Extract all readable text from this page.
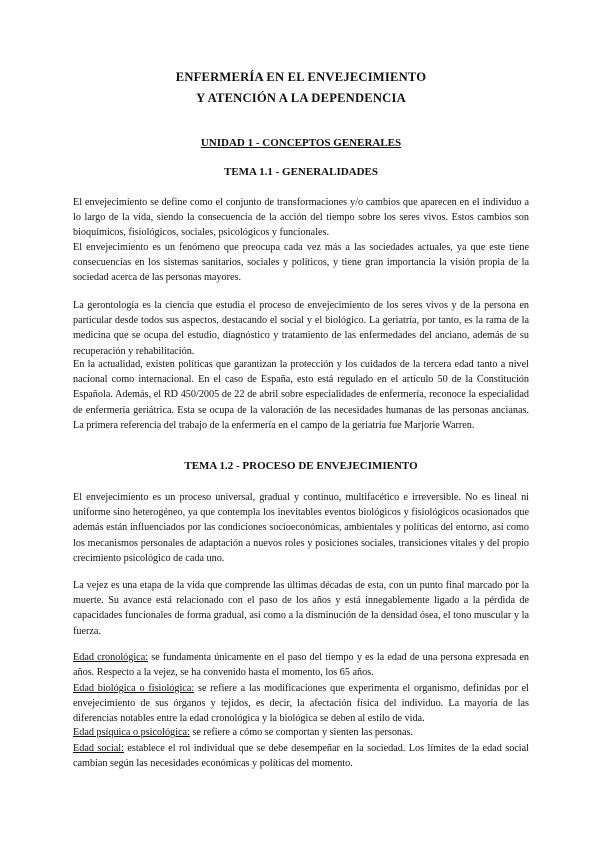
ENFERMERÍA EN EL ENVEJECIMIENTO

Y ATENCIÓN A LA DEPENDENCIA

UNIDAD 1 - CONCEPTOS GENERALES

TEMA 1.1 - GENERALIDADES

El envejecimiento se define como el conjunto de transformaciones y/o cambios que aparecen en el individuo a lo largo de la vida, siendo la consecuencia de la acción del tiempo sobre los seres vivos. Estos cambios son bioquímicos, fisiológicos, sociales, psicológicos y funcionales.

El envejecimiento es un fenómeno que preocupa cada vez más a las sociedades actuales, ya que este tiene consecuencias en los sistemas sanitarios, sociales y políticos, y tiene gran importancia la visión propia de la sociedad acerca de las personas mayores.

La gerontología es la ciencia que estudia el proceso de envejecimiento de los seres vivos y de la persona en particular desde todos sus aspectos, destacando el social y el biológico. La geriatría, por tanto, es la rama de la medicina que se ocupa del estudio, diagnóstico y tratamiento de las enfermedades del anciano, además de su recuperación y rehabilitación.

En la actualidad, existen políticas que garantizan la protección y los cuidados de la tercera edad tanto a nivel nacional como internacional. En el caso de España, esto está regulado en el artículo 50 de la Constitución Española. Además, el RD 450/2005 de 22 de abril sobre especialidades de enfermería, reconoce la especialidad de enfermería geriátrica. Esta se ocupa de la valoración de las necesidades humanas de las personas ancianas. La primera referencia del trabajo de la enfermería en el campo de la geriatría fue Marjorie Warren.

TEMA 1.2 - PROCESO DE ENVEJECIMIENTO

El envejecimiento es un proceso universal, gradual y continuo, multifacético e irreversible. No es lineal ni uniforme sino heterogéneo, ya que contempla los inevitables eventos biológicos y fisiológicos ocasionados que además están influenciados por las condiciones socioeconómicas, ambientales y políticas del entorno, así como los mecanismos personales de adaptación a nuevos roles y posiciones sociales, transiciones vitales y del propio crecimiento psicológico de cada uno.

La vejez es una etapa de la vida que comprende las últimas décadas de esta, con un punto final marcado por la muerte. Su avance está relacionado con el paso de los años y está innegablemente ligado a la pérdida de capacidades funcionales de forma gradual, así como a la disminución de la densidad ósea, el tono muscular y la fuerza.

Edad cronológica: se fundamenta únicamente en el paso del tiempo y es la edad de una persona expresada en años. Respecto a la vejez, se ha convenido hasta el momento, los 65 años.

Edad biológica o fisiológica: se refiere a las modificaciones que experimenta el organismo, definidas por el envejecimiento de sus órganos y tejidos, es decir, la afectación física del individuo. La mayoría de las diferencias notables entre la edad cronológica y la biológica se deben al estilo de vida.

Edad psíquica o psicológica: se refiere a cómo se comportan y sienten las personas.

Edad social: establece el rol individual que se debe desempeñar en la sociedad. Los límites de la edad social cambian según las necesidades económicas y políticas del momento.
